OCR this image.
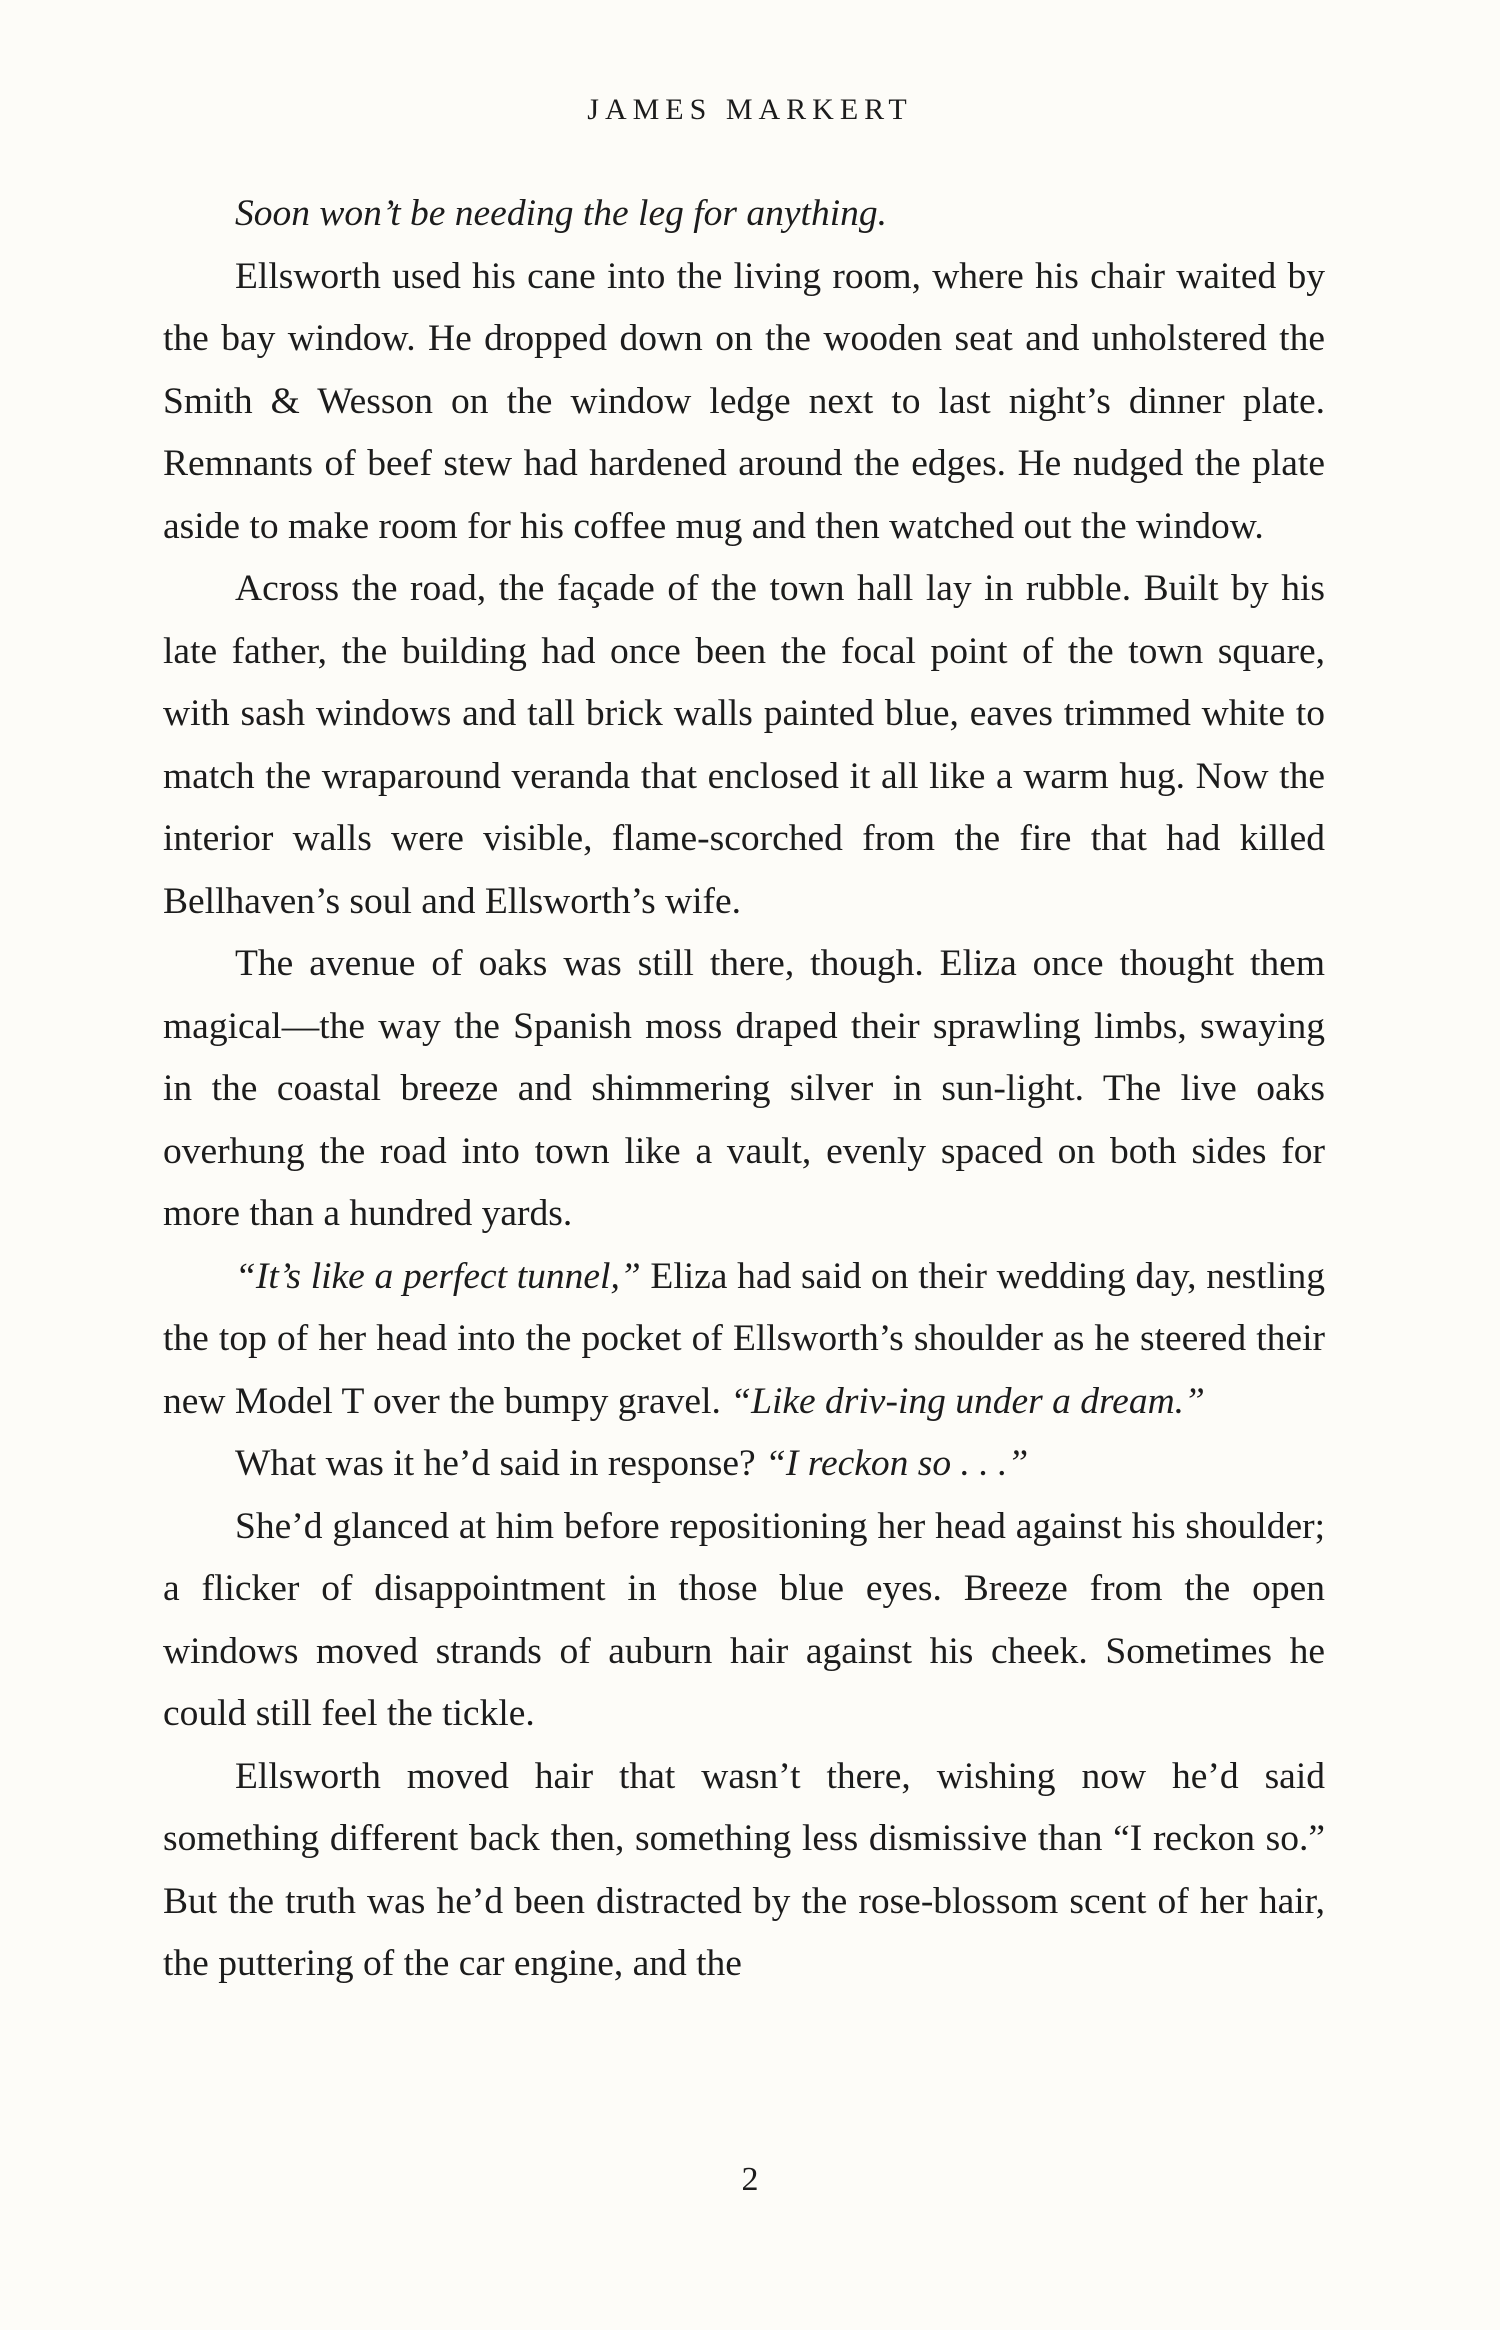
JAMES MARKERT

Soon won’t be needing the leg for anything.

Ellsworth used his cane into the living room, where his chair waited by the bay window. He dropped down on the wooden seat and unholstered the Smith & Wesson on the window ledge next to last night’s dinner plate. Remnants of beef stew had hardened around the edges. He nudged the plate aside to make room for his coffee mug and then watched out the window.

Across the road, the façade of the town hall lay in rubble. Built by his late father, the building had once been the focal point of the town square, with sash windows and tall brick walls painted blue, eaves trimmed white to match the wraparound veranda that enclosed it all like a warm hug. Now the interior walls were visible, flame-scorched from the fire that had killed Bellhaven’s soul and Ellsworth’s wife.

The avenue of oaks was still there, though. Eliza once thought them magical—the way the Spanish moss draped their sprawling limbs, swaying in the coastal breeze and shimmering silver in sun-light. The live oaks overhung the road into town like a vault, evenly spaced on both sides for more than a hundred yards.

“It’s like a perfect tunnel,” Eliza had said on their wedding day, nestling the top of her head into the pocket of Ellsworth’s shoulder as he steered their new Model T over the bumpy gravel. “Like driv-ing under a dream.”

What was it he’d said in response? “I reckon so . . .”

She’d glanced at him before repositioning her head against his shoulder; a flicker of disappointment in those blue eyes. Breeze from the open windows moved strands of auburn hair against his cheek. Sometimes he could still feel the tickle.

Ellsworth moved hair that wasn’t there, wishing now he’d said something different back then, something less dismissive than “I reckon so.” But the truth was he’d been distracted by the rose-blossom scent of her hair, the puttering of the car engine, and the

2
